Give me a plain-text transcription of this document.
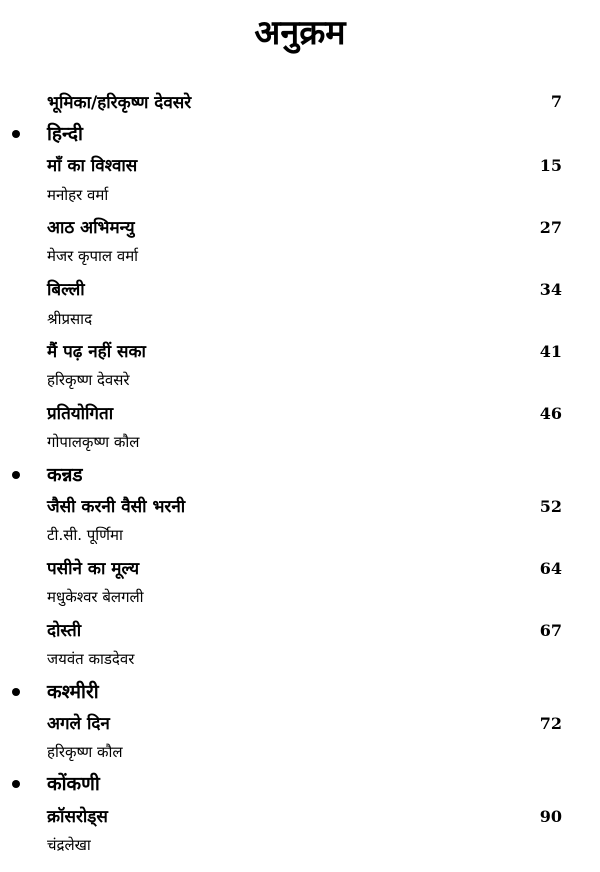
अनुक्रम
भूमिका/हरिकृष्ण देवसरे	7
हिन्दी
माँ का विश्वास	15
मनोहर वर्मा
आठ अभिमन्यु	27
मेजर कृपाल वर्मा
बिल्ली	34
श्रीप्रसाद
मैं पढ़ नहीं सका	41
हरिकृष्ण देवसरे
प्रतियोगिता	46
गोपालकृष्ण कौल
कन्नड
जैसी करनी वैसी भरनी	52
टी.सी. पूर्णिमा
पसीने का मूल्य	64
मधुकेश्वर बेलगली
दोस्ती	67
जयवंत काडदेवर
कश्मीरी
अगले दिन	72
हरिकृष्ण कौल
कोंकणी
क्रॉसरोड्स	90
चंद्रलेखा
